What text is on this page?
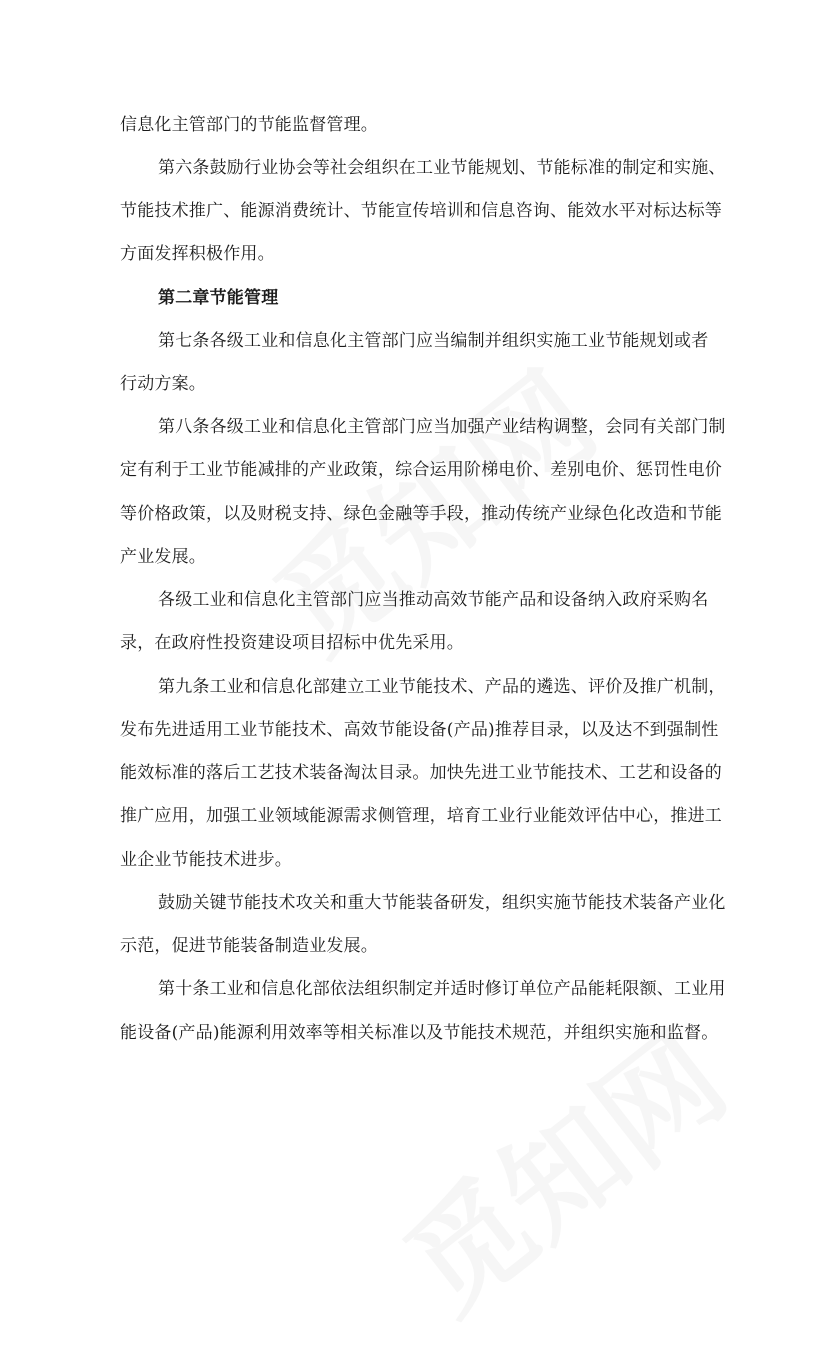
信息化主管部门的节能监督管理。
第六条鼓励行业协会等社会组织在工业节能规划、节能标准的制定和实施、
节能技术推广、能源消费统计、节能宣传培训和信息咨询、能效水平对标达标等
方面发挥积极作用。
第二章节能管理
第七条各级工业和信息化主管部门应当编制并组织实施工业节能规划或者
行动方案。
第八条各级工业和信息化主管部门应当加强产业结构调整，会同有关部门制
定有利于工业节能减排的产业政策，综合运用阶梯电价、差别电价、惩罚性电价
等价格政策，以及财税支持、绿色金融等手段，推动传统产业绿色化改造和节能
产业发展。
各级工业和信息化主管部门应当推动高效节能产品和设备纳入政府采购名
录，在政府性投资建设项目招标中优先采用。
第九条工业和信息化部建立工业节能技术、产品的遴选、评价及推广机制，
发布先进适用工业节能技术、高效节能设备(产品)推荐目录，以及达不到强制性
能效标准的落后工艺技术装备淘汰目录。加快先进工业节能技术、工艺和设备的
推广应用，加强工业领域能源需求侧管理，培育工业行业能效评估中心，推进工
业企业节能技术进步。
鼓励关键节能技术攻关和重大节能装备研发，组织实施节能技术装备产业化
示范，促进节能装备制造业发展。
第十条工业和信息化部依法组织制定并适时修订单位产品能耗限额、工业用
能设备(产品)能源利用效率等相关标准以及节能技术规范，并组织实施和监督。
